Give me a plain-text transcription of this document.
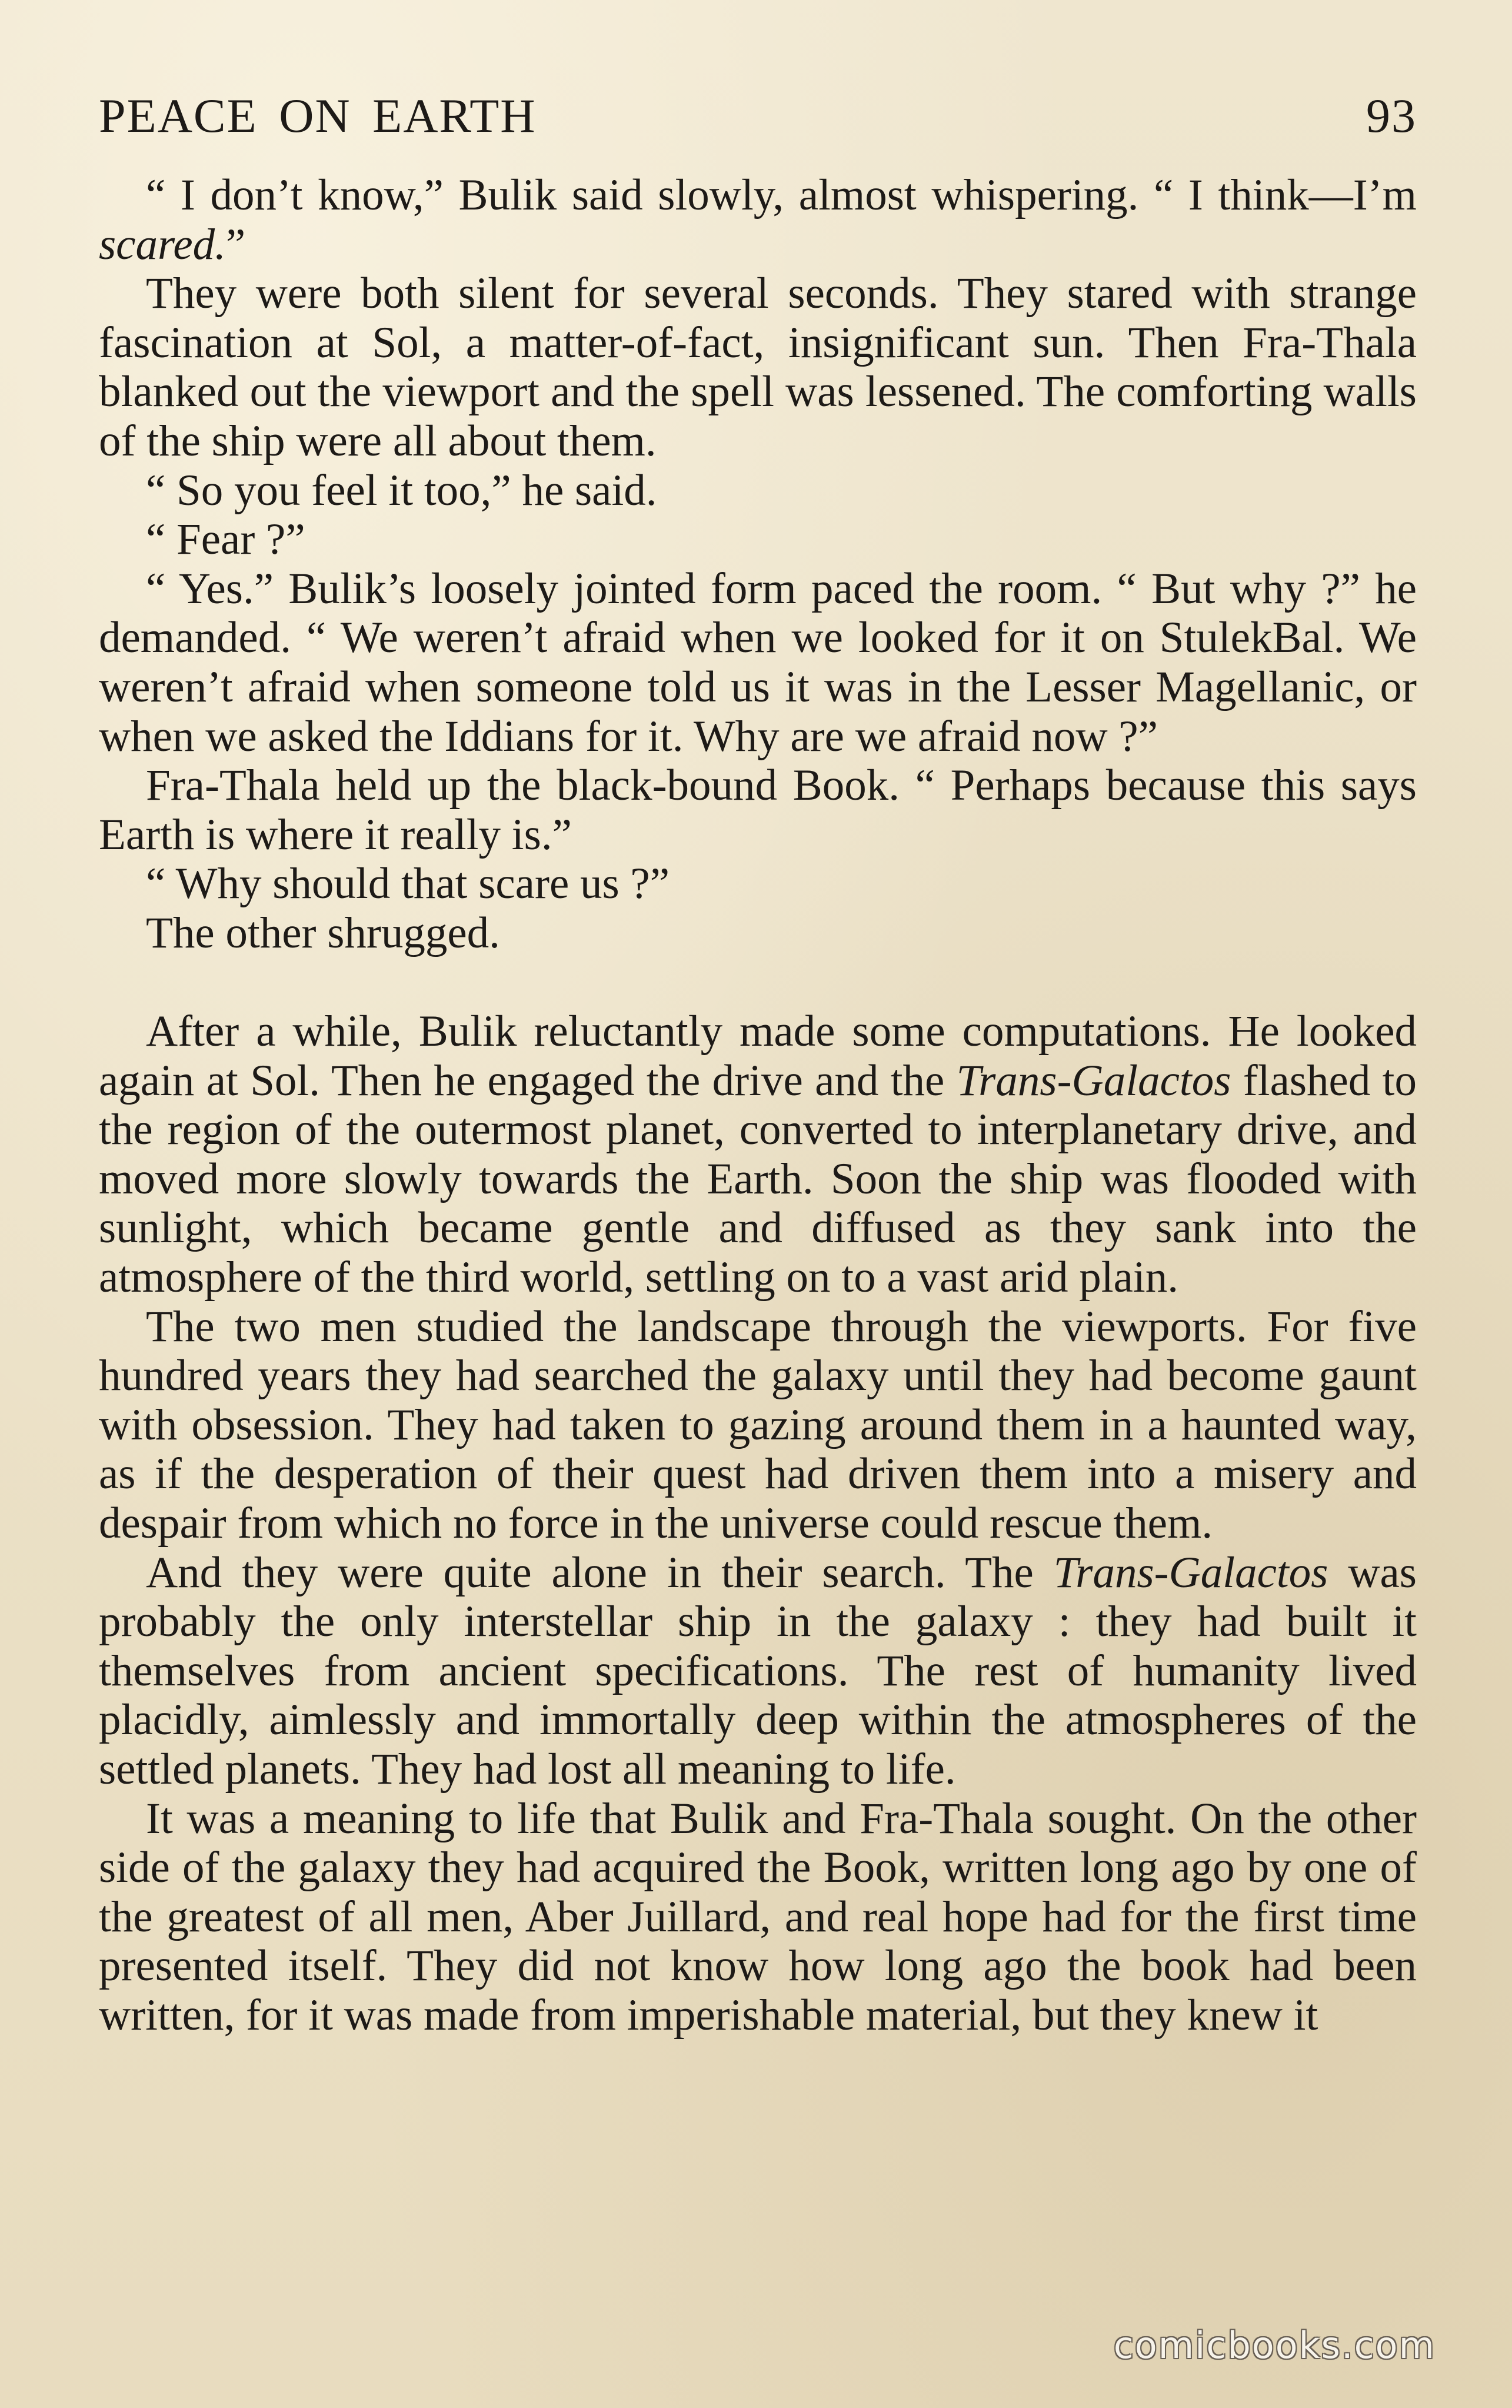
PEACE ON EARTH	93

“ I don’t know,” Bulik said slowly, almost whispering. “ I think—I’m scared.”

They were both silent for several seconds. They stared with strange fascination at Sol, a matter-of-fact, insignificant sun. Then Fra-Thala blanked out the viewport and the spell was lessened. The comforting walls of the ship were all about them.

“ So you feel it too,” he said.

“ Fear ?”

“ Yes.” Bulik’s loosely jointed form paced the room. “ But why ?” he demanded. “ We weren’t afraid when we looked for it on StulekBal. We weren’t afraid when someone told us it was in the Lesser Magellanic, or when we asked the Iddians for it. Why are we afraid now ?”

Fra-Thala held up the black-bound Book. “ Perhaps because this says Earth is where it really is.”

“ Why should that scare us ?”

The other shrugged.

After a while, Bulik reluctantly made some computations. He looked again at Sol. Then he engaged the drive and the Trans-Galactos flashed to the region of the outermost planet, converted to interplanetary drive, and moved more slowly towards the Earth. Soon the ship was flooded with sunlight, which became gentle and diffused as they sank into the atmosphere of the third world, settling on to a vast arid plain.

The two men studied the landscape through the viewports. For five hundred years they had searched the galaxy until they had become gaunt with obsession. They had taken to gazing around them in a haunted way, as if the desperation of their quest had driven them into a misery and despair from which no force in the universe could rescue them.

And they were quite alone in their search. The Trans-Galactos was probably the only interstellar ship in the galaxy : they had built it themselves from ancient specifications. The rest of humanity lived placidly, aimlessly and immortally deep within the atmospheres of the settled planets. They had lost all meaning to life.

It was a meaning to life that Bulik and Fra-Thala sought. On the other side of the galaxy they had acquired the Book, written long ago by one of the greatest of all men, Aber Juillard, and real hope had for the first time presented itself. They did not know how long ago the book had been written, for it was made from imperishable material, but they knew it

comicbooks.com
